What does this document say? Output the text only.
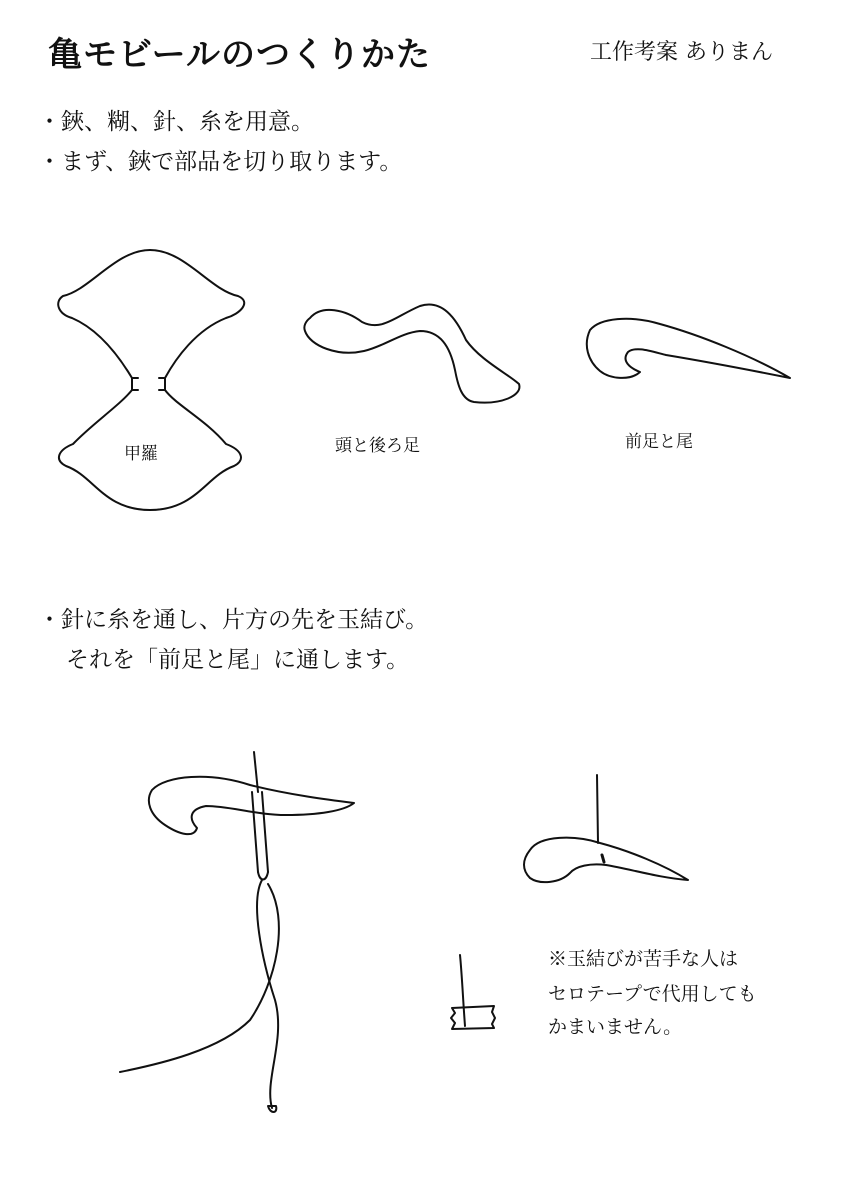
亀モビールのつくりかた	工作考案 ありまん
・鋏、糊、針、糸を用意。
・まず、鋏で部品を切り取ります。
甲羅	頭と後ろ足	前足と尾
・針に糸を通し、片方の先を玉結び。
それを「前足と尾」に通します。
※玉結びが苦手な人は
セロテープで代用しても
かまいません。
